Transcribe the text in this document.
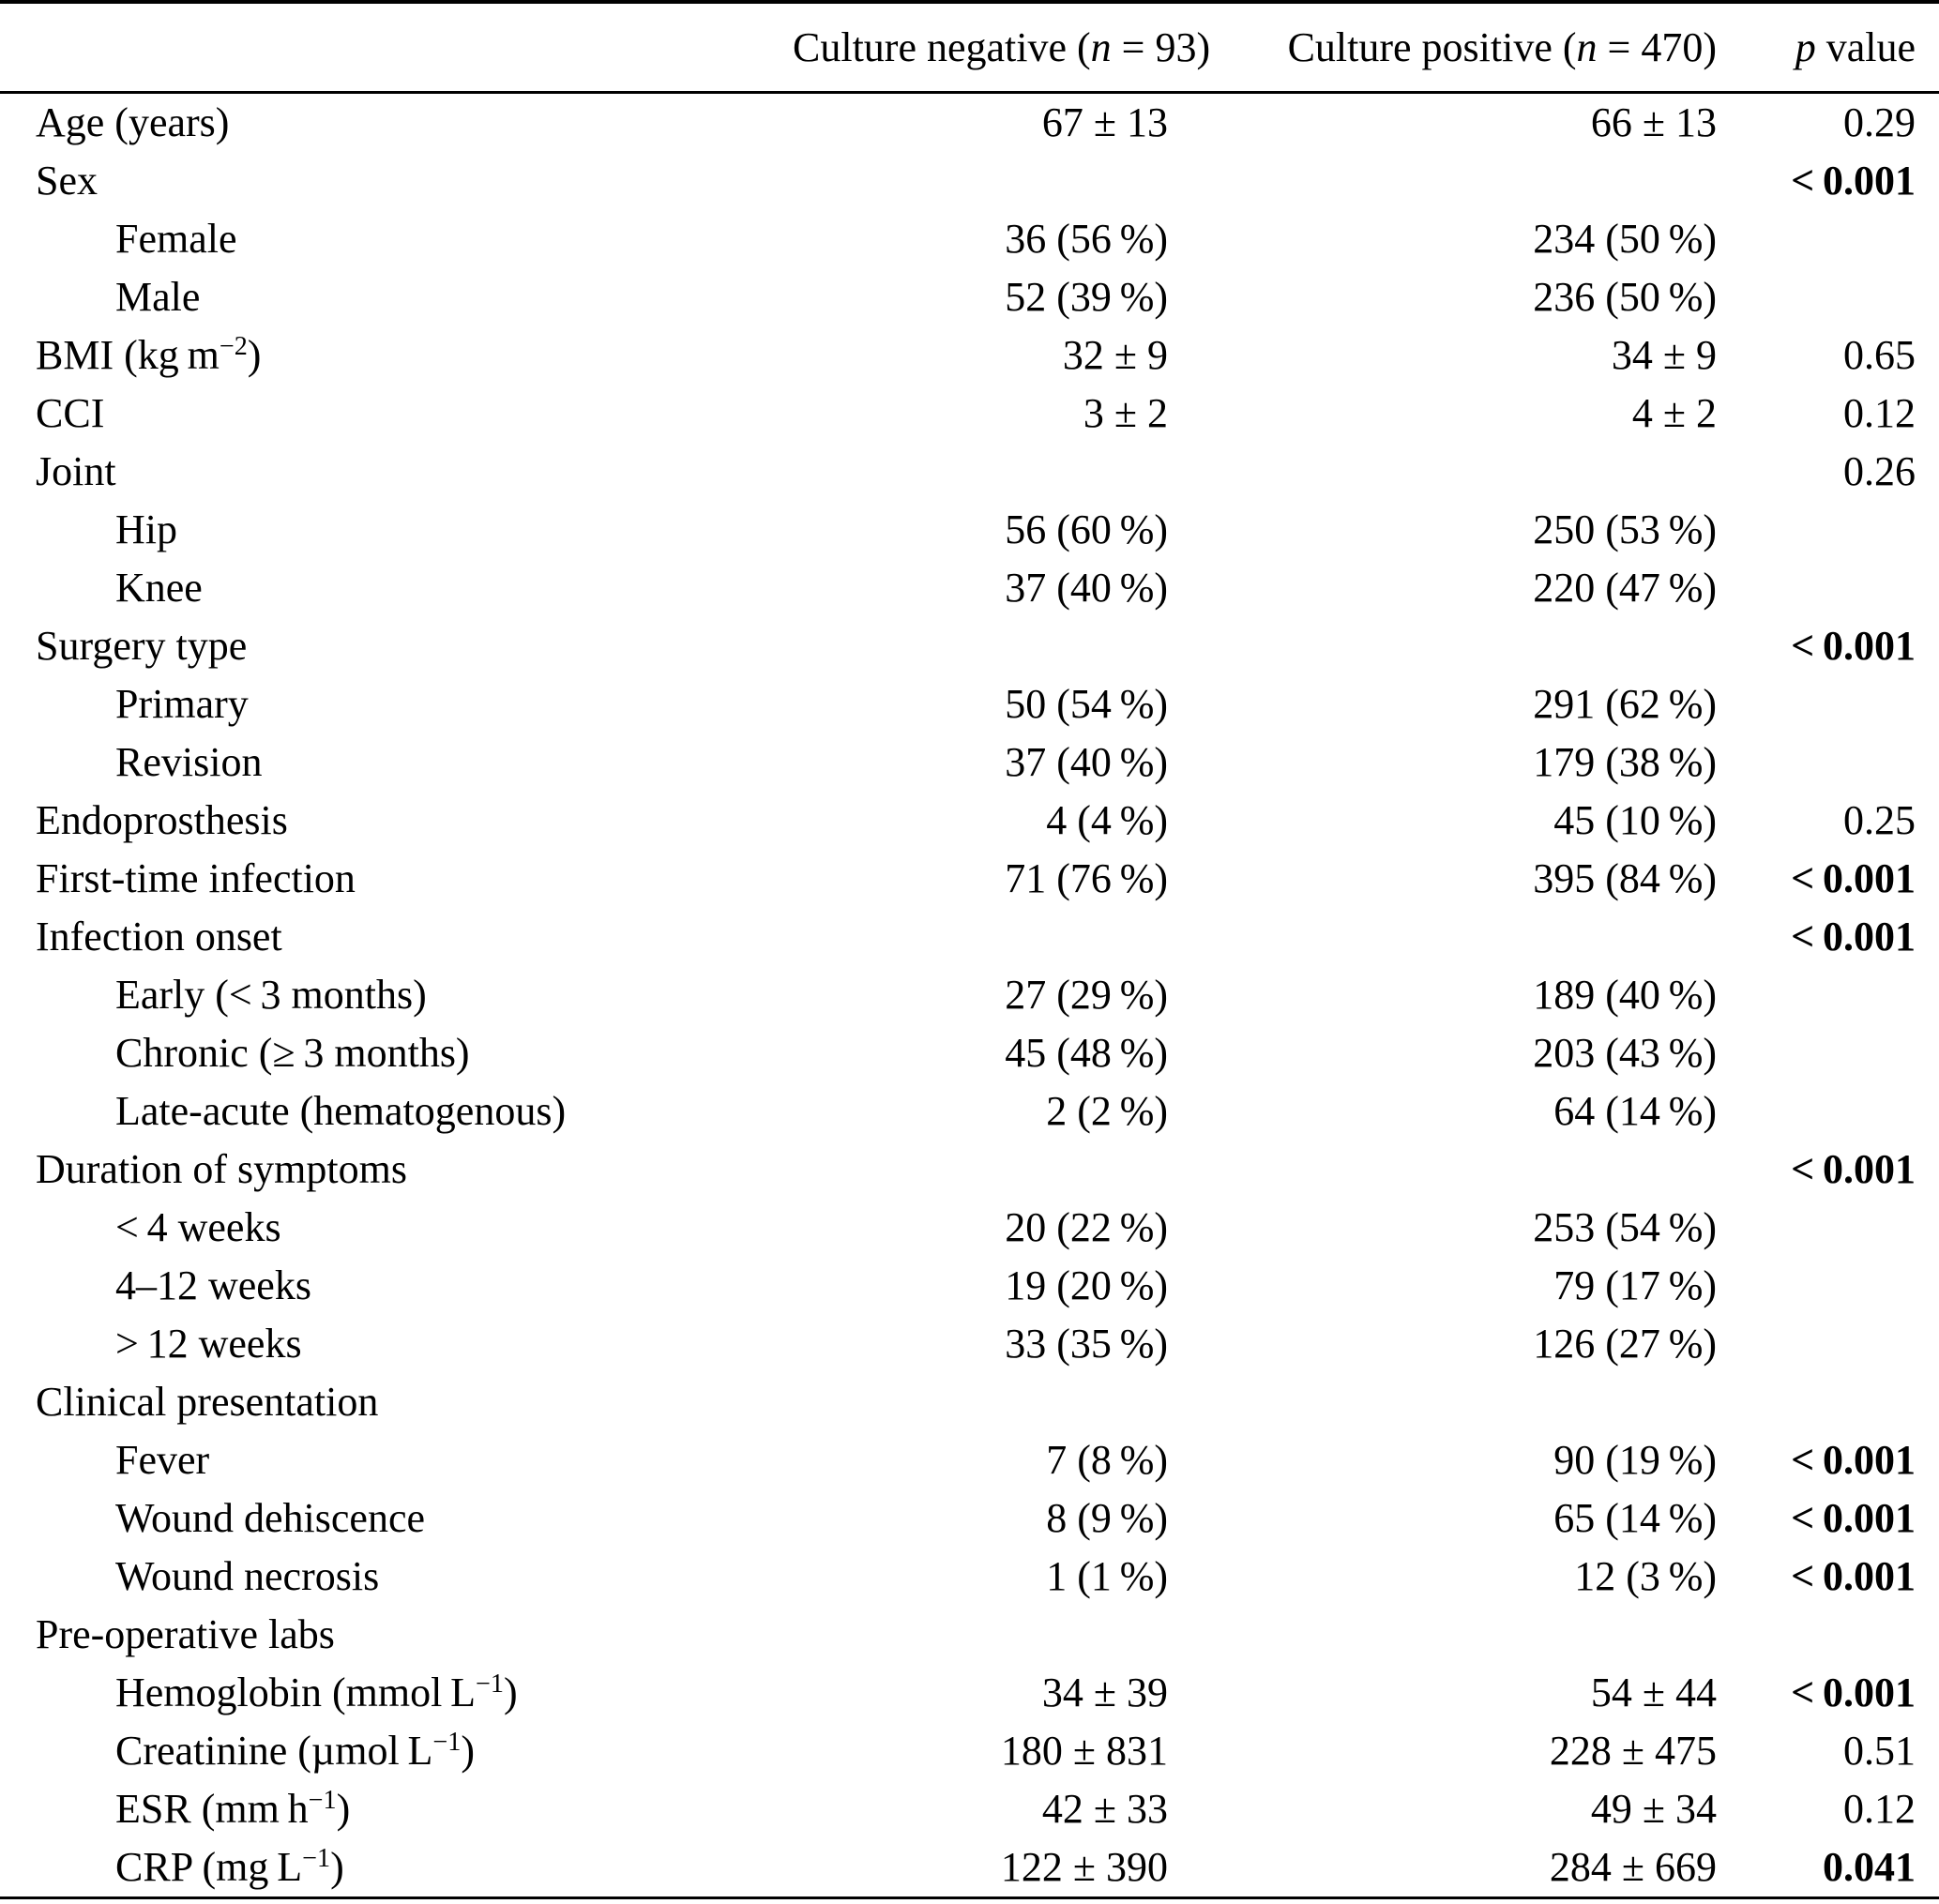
	Culture negative (n = 93)	Culture positive (n = 470)	p value
Age (years)	67 ± 13	66 ± 13	0.29
Sex			< 0.001
Female	36 (56 %)	234 (50 %)	
Male	52 (39 %)	236 (50 %)	
BMI (kg $m^{-2}$)	32 ± 9	34 ± 9	0.65
CCI	3 ± 2	4 ± 2	0.12
Joint			0.26
Hip	56 (60 %)	250 (53 %)	
Knee	37 (40 %)	220 (47 %)	
Surgery type			< 0.001
Primary	50 (54 %)	291 (62 %)	
Revision	37 (40 %)	179 (38 %)	
Endoprosthesis	4 (4 %)	45 (10 %)	0.25
First-time infection	71 (76 %)	395 (84 %)	< 0.001
Infection onset			< 0.001
Early (< 3 months)	27 (29 %)	189 (40 %)	
Chronic (≥ 3 months)	45 (48 %)	203 (43 %)	
Late-acute (hematogenous)	2 (2 %)	64 (14 %)	
Duration of symptoms			< 0.001
< 4 weeks	20 (22 %)	253 (54 %)	
4–12 weeks	19 (20 %)	79 (17 %)	
> 12 weeks	33 (35 %)	126 (27 %)	
Clinical presentation			
Fever	7 (8 %)	90 (19 %)	< 0.001
Wound dehiscence	8 (9 %)	65 (14 %)	< 0.001
Wound necrosis	1 (1 %)	12 (3 %)	< 0.001
Pre-operative labs			
Hemoglobin (mmol $L^{-1}$)	34 ± 39	54 ± 44	< 0.001
Creatinine (µmol $L^{-1}$)	180 ± 831	228 ± 475	0.51
ESR (mm $h^{-1}$)	42 ± 33	49 ± 34	0.12
CRP (mg $L^{-1}$)	122 ± 390	284 ± 669	0.041
